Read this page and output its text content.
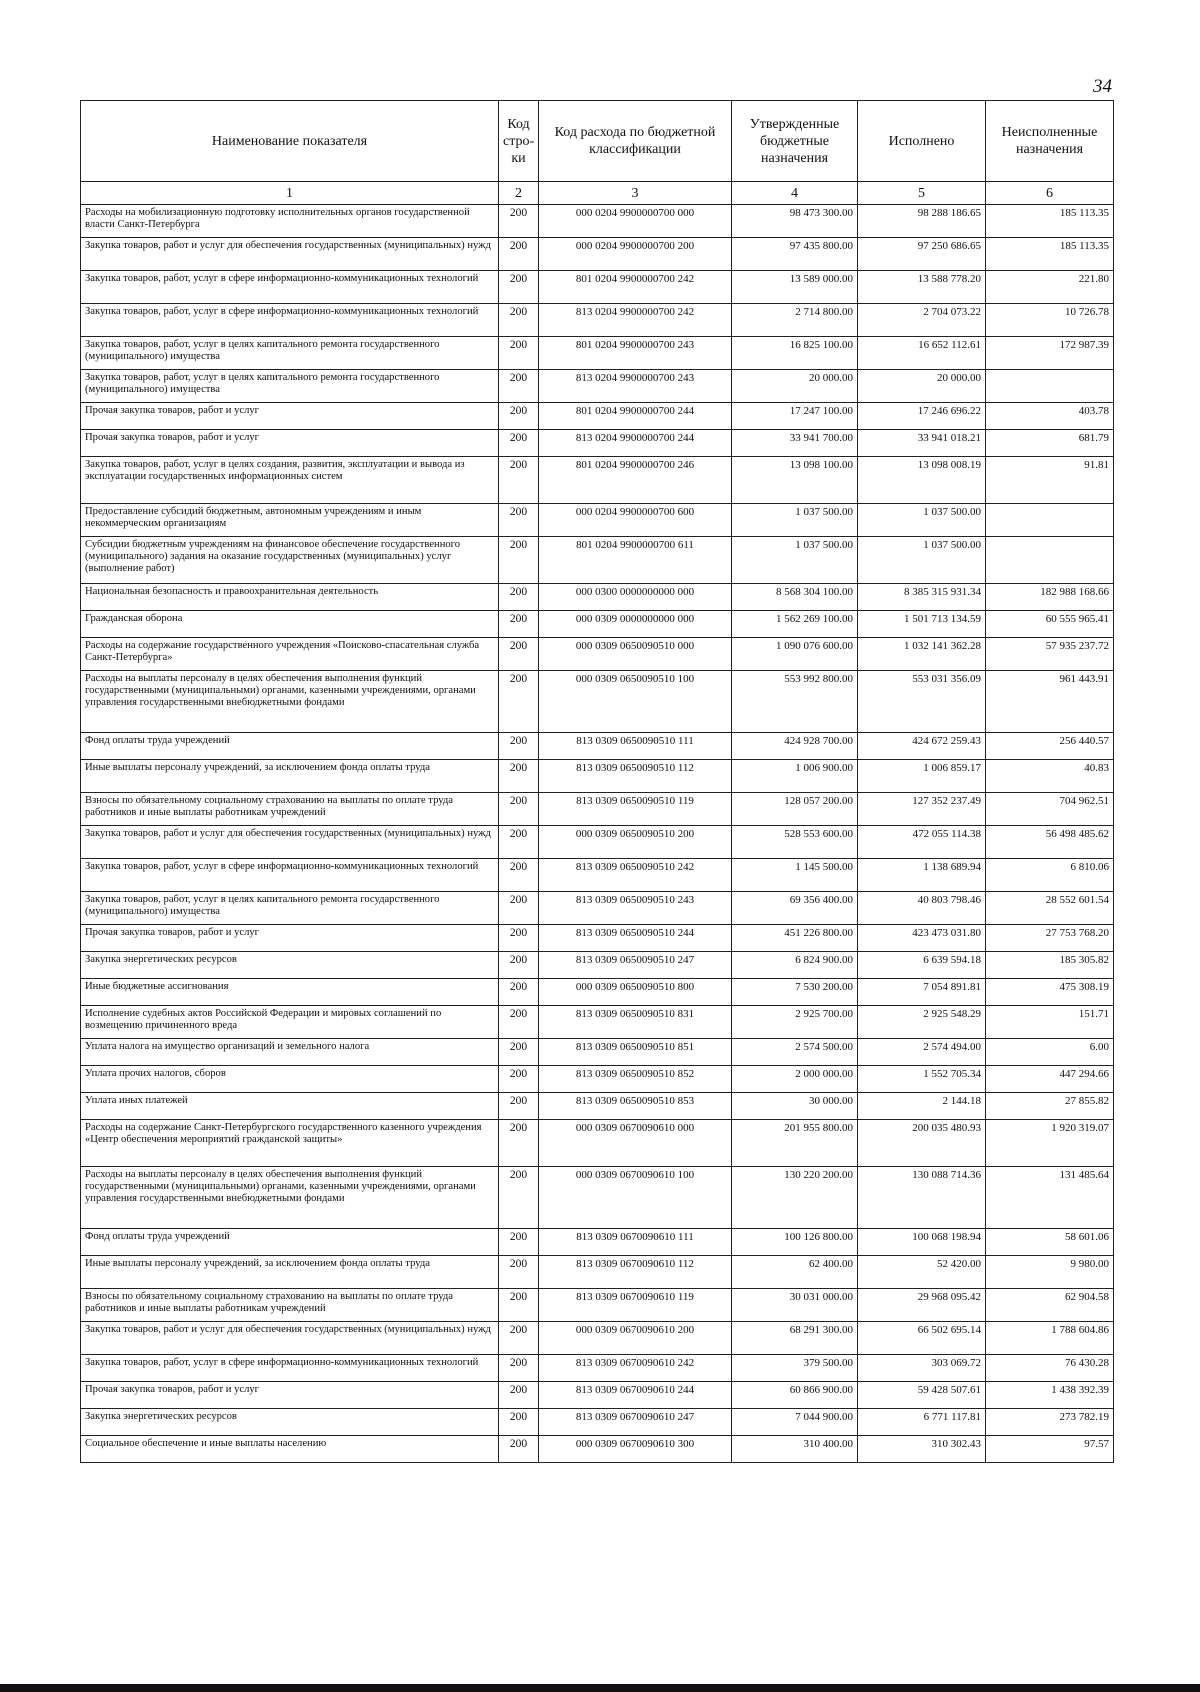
34
Наименование показателя	Код стро-ки	Код расхода по бюджетной классификации	Утвержденные бюджетные назначения	Исполнено	Неисполненные назначения
1	2	3	4	5	6
Расходы на мобилизационную подготовку исполнительных органов государственной власти Санкт-Петербурга	200	000 0204 9900000700 000	98 473 300.00	98 288 186.65	185 113.35
Закупка товаров, работ и услуг для обеспечения государственных (муниципальных) нужд	200	000 0204 9900000700 200	97 435 800.00	97 250 686.65	185 113.35
Закупка товаров, работ, услуг в сфере информационно-коммуникационных технологий	200	801 0204 9900000700 242	13 589 000.00	13 588 778.20	221.80
Закупка товаров, работ, услуг в сфере информационно-коммуникационных технологий	200	813 0204 9900000700 242	2 714 800.00	2 704 073.22	10 726.78
Закупка товаров, работ, услуг в целях капитального ремонта государственного (муниципального) имущества	200	801 0204 9900000700 243	16 825 100.00	16 652 112.61	172 987.39
Закупка товаров, работ, услуг в целях капитального ремонта государственного (муниципального) имущества	200	813 0204 9900000700 243	20 000.00	20 000.00	
Прочая закупка товаров, работ и услуг	200	801 0204 9900000700 244	17 247 100.00	17 246 696.22	403.78
Прочая закупка товаров, работ и услуг	200	813 0204 9900000700 244	33 941 700.00	33 941 018.21	681.79
Закупка товаров, работ, услуг в целях создания, развития, эксплуатации и вывода из эксплуатации государственных информационных систем	200	801 0204 9900000700 246	13 098 100.00	13 098 008.19	91.81
Предоставление субсидий бюджетным, автономным учреждениям и иным некоммерческим организациям	200	000 0204 9900000700 600	1 037 500.00	1 037 500.00	
Субсидии бюджетным учреждениям на финансовое обеспечение государственного (муниципального) задания на оказание государственных (муниципальных) услуг (выполнение работ)	200	801 0204 9900000700 611	1 037 500.00	1 037 500.00	
Национальная безопасность и правоохранительная деятельность	200	000 0300 0000000000 000	8 568 304 100.00	8 385 315 931.34	182 988 168.66
Гражданская оборона	200	000 0309 0000000000 000	1 562 269 100.00	1 501 713 134.59	60 555 965.41
Расходы на содержание государственного учреждения «Поисково-спасательная служба Санкт-Петербурга»	200	000 0309 0650090510 000	1 090 076 600.00	1 032 141 362.28	57 935 237.72
Расходы на выплаты персоналу в целях обеспечения выполнения функций государственными (муниципальными) органами, казенными учреждениями, органами управления государственными внебюджетными фондами	200	000 0309 0650090510 100	553 992 800.00	553 031 356.09	961 443.91
Фонд оплаты труда учреждений	200	813 0309 0650090510 111	424 928 700.00	424 672 259.43	256 440.57
Иные выплаты персоналу учреждений, за исключением фонда оплаты труда	200	813 0309 0650090510 112	1 006 900.00	1 006 859.17	40.83
Взносы по обязательному социальному страхованию на выплаты по оплате труда работников и иные выплаты работникам учреждений	200	813 0309 0650090510 119	128 057 200.00	127 352 237.49	704 962.51
Закупка товаров, работ и услуг для обеспечения государственных (муниципальных) нужд	200	000 0309 0650090510 200	528 553 600.00	472 055 114.38	56 498 485.62
Закупка товаров, работ, услуг в сфере информационно-коммуникационных технологий	200	813 0309 0650090510 242	1 145 500.00	1 138 689.94	6 810.06
Закупка товаров, работ, услуг в целях капитального ремонта государственного (муниципального) имущества	200	813 0309 0650090510 243	69 356 400.00	40 803 798.46	28 552 601.54
Прочая закупка товаров, работ и услуг	200	813 0309 0650090510 244	451 226 800.00	423 473 031.80	27 753 768.20
Закупка энергетических ресурсов	200	813 0309 0650090510 247	6 824 900.00	6 639 594.18	185 305.82
Иные бюджетные ассигнования	200	000 0309 0650090510 800	7 530 200.00	7 054 891.81	475 308.19
Исполнение судебных актов Российской Федерации и мировых соглашений по возмещению причиненного вреда	200	813 0309 0650090510 831	2 925 700.00	2 925 548.29	151.71
Уплата налога на имущество организаций и земельного налога	200	813 0309 0650090510 851	2 574 500.00	2 574 494.00	6.00
Уплата прочих налогов, сборов	200	813 0309 0650090510 852	2 000 000.00	1 552 705.34	447 294.66
Уплата иных платежей	200	813 0309 0650090510 853	30 000.00	2 144.18	27 855.82
Расходы на содержание Санкт-Петербургского государственного казенного учреждения «Центр обеспечения мероприятий гражданской защиты»	200	000 0309 0670090610 000	201 955 800.00	200 035 480.93	1 920 319.07
Расходы на выплаты персоналу в целях обеспечения выполнения функций государственными (муниципальными) органами, казенными учреждениями, органами управления государственными внебюджетными фондами	200	000 0309 0670090610 100	130 220 200.00	130 088 714.36	131 485.64
Фонд оплаты труда учреждений	200	813 0309 0670090610 111	100 126 800.00	100 068 198.94	58 601.06
Иные выплаты персоналу учреждений, за исключением фонда оплаты труда	200	813 0309 0670090610 112	62 400.00	52 420.00	9 980.00
Взносы по обязательному социальному страхованию на выплаты по оплате труда работников и иные выплаты работникам учреждений	200	813 0309 0670090610 119	30 031 000.00	29 968 095.42	62 904.58
Закупка товаров, работ и услуг для обеспечения государственных (муниципальных) нужд	200	000 0309 0670090610 200	68 291 300.00	66 502 695.14	1 788 604.86
Закупка товаров, работ, услуг в сфере информационно-коммуникационных технологий	200	813 0309 0670090610 242	379 500.00	303 069.72	76 430.28
Прочая закупка товаров, работ и услуг	200	813 0309 0670090610 244	60 866 900.00	59 428 507.61	1 438 392.39
Закупка энергетических ресурсов	200	813 0309 0670090610 247	7 044 900.00	6 771 117.81	273 782.19
Социальное обеспечение и иные выплаты населению	200	000 0309 0670090610 300	310 400.00	310 302.43	97.57
